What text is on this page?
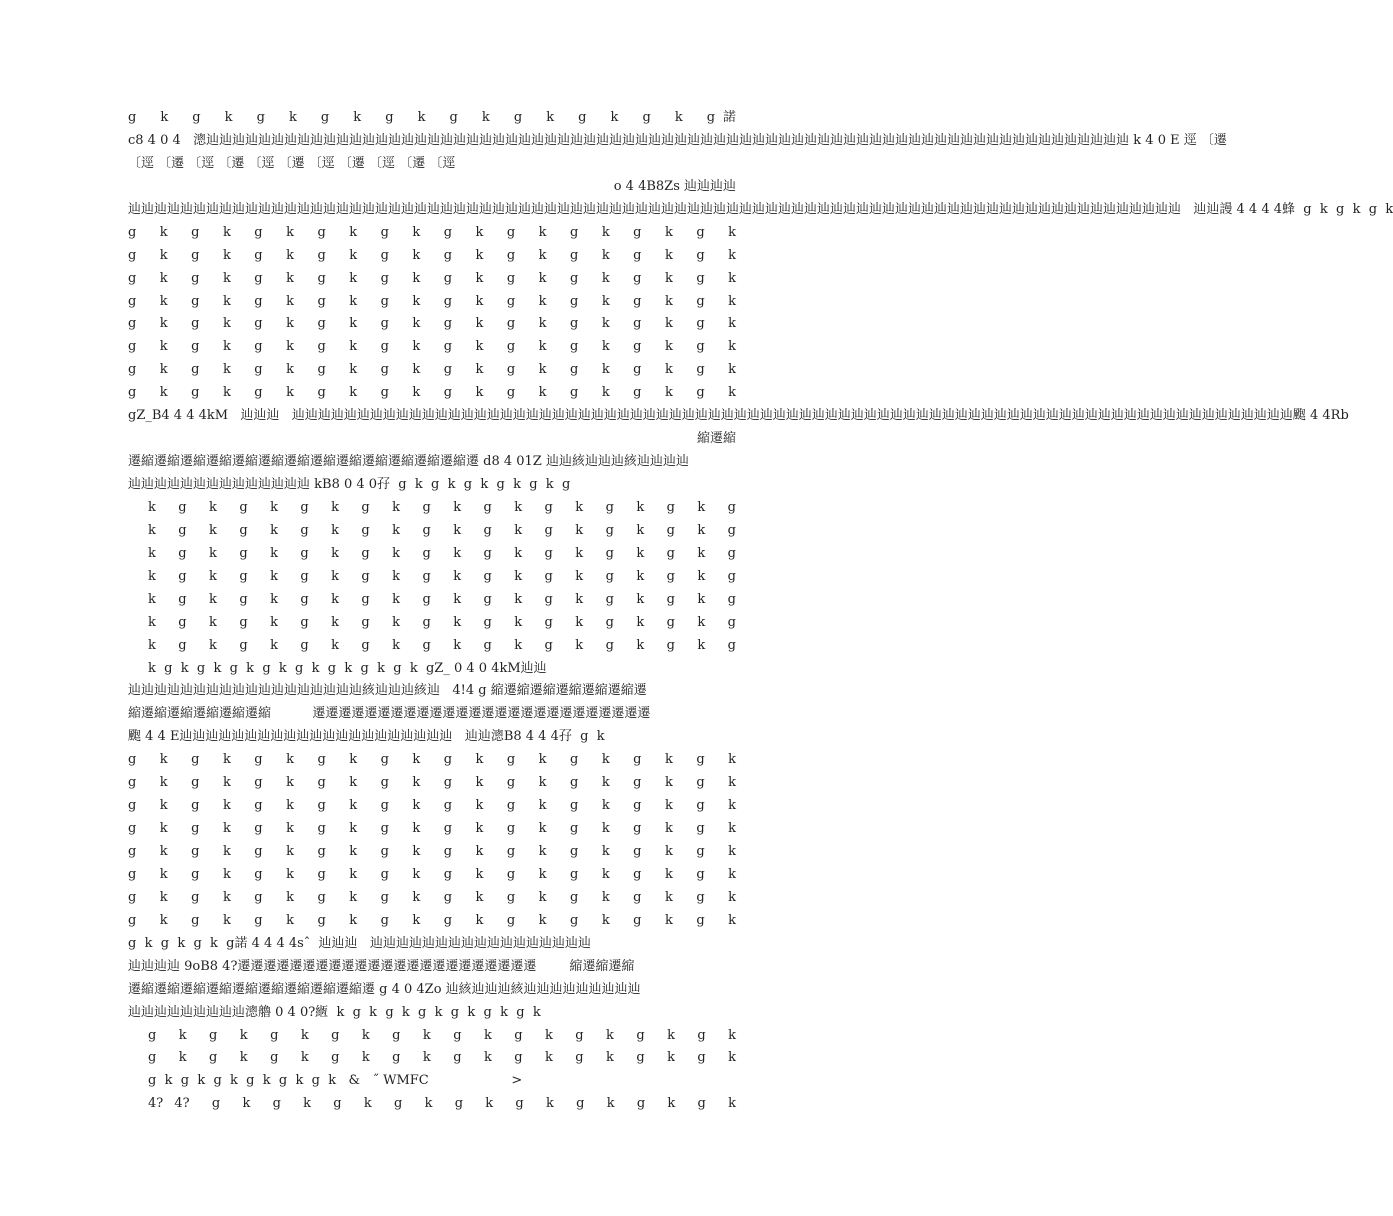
g  k  g  k  g  k  g  k  g  k  g  k  g  k  g  k  g  k  g諾
c8 4 0 4   漗辿辿辿辿辿辿辿辿辿辿辿辿辿辿辿辿辿辿辿辿辿辿辿辿辿辿辿辿辿辿辿辿辿辿辿辿辿辿辿辿辿辿辿辿辿辿辿辿辿辿辿辿辿辿辿辿辿辿辿辿辿辿辿辿辿辿辿辿辿辿辿 k 4 0 E 逕 〔遷
〔逕 〔遷 〔逕 〔遷 〔逕 〔遷 〔逕 〔遷 〔逕 〔遷 〔逕
o 4 4B8Zs 辿辿辿辿
辿辿辿辿辿辿辿辿辿辿辿辿辿辿辿辿辿辿辿辿辿辿辿辿辿辿辿辿辿辿辿辿辿辿辿辿辿辿辿辿辿辿辿辿辿辿辿辿辿辿辿辿辿辿辿辿辿辿辿辿辿辿辿辿辿辿辿辿辿辿辿辿辿辿辿辿辿辿辿辿辿   辿辿謾 4 4 4 4蜂  g  k  g  k  g  k
g  k  g  k  g  k  g  k  g  k  g  k  g  k  g  k  g  k  g  k
g  k  g  k  g  k  g  k  g  k  g  k  g  k  g  k  g  k  g  k
g  k  g  k  g  k  g  k  g  k  g  k  g  k  g  k  g  k  g  k
g  k  g  k  g  k  g  k  g  k  g  k  g  k  g  k  g  k  g  k
g  k  g  k  g  k  g  k  g  k  g  k  g  k  g  k  g  k  g  k
g  k  g  k  g  k  g  k  g  k  g  k  g  k  g  k  g  k  g  k
g  k  g  k  g  k  g  k  g  k  g  k  g  k  g  k  g  k  g  k
g  k  g  k  g  k  g  k  g  k  g  k  g  k  g  k  g  k  g  k
gZ_B4 4 4 4kM   辿辿辿   辿辿辿辿辿辿辿辿辿辿辿辿辿辿辿辿辿辿辿辿辿辿辿辿辿辿辿辿辿辿辿辿辿辿辿辿辿辿辿辿辿辿辿辿辿辿辿辿辿辿辿辿辿辿辿辿辿辿辿辿辿辿辿辿辿辿辿辿辿辿辿辿辿辿辿辿辿颮 4 4Rb
縮遷縮
遷縮遷縮遷縮遷縮遷縮遷縮遷縮遷縮遷縮遷縮遷縮遷縮遷縮遷 d8 4 01Z 辿辿絯辿辿辿絯辿辿辿辿
辿辿辿辿辿辿辿辿辿辿辿辿辿辿 kB8 0 4 0孖  g  k  g  k  g  k  g  k  g  k  g
k  g  k  g  k  g  k  g  k  g  k  g  k  g  k  g  k  g  k  g
k  g  k  g  k  g  k  g  k  g  k  g  k  g  k  g  k  g  k  g
k  g  k  g  k  g  k  g  k  g  k  g  k  g  k  g  k  g  k  g
k  g  k  g  k  g  k  g  k  g  k  g  k  g  k  g  k  g  k  g
k  g  k  g  k  g  k  g  k  g  k  g  k  g  k  g  k  g  k  g
k  g  k  g  k  g  k  g  k  g  k  g  k  g  k  g  k  g  k  g
k  g  k  g  k  g  k  g  k  g  k  g  k  g  k  g  k  g  k  g
k  g  k  g  k  g  k  g  k  g  k  g  k  g  k  g  k  gZ_ 0 4 0 4kM辿辿
辿辿辿辿辿辿辿辿辿辿辿辿辿辿辿辿辿辿絯辿辿辿絯辿   4!4 g 縮遷縮遷縮遷縮遷縮遷縮遷
縮遷縮遷縮遷縮遷縮遷縮          遷遷遷遷遷遷遷遷遷遷遷遷遷遷遷遷遷遷遷遷遷遷遷遷遷遷
颮 4 4 E辿辿辿辿辿辿辿辿辿辿辿辿辿辿辿辿辿辿辿辿辿   辿辿漗B8 4 4 4孖  g  k
g  k  g  k  g  k  g  k  g  k  g  k  g  k  g  k  g  k  g  k
g  k  g  k  g  k  g  k  g  k  g  k  g  k  g  k  g  k  g  k
g  k  g  k  g  k  g  k  g  k  g  k  g  k  g  k  g  k  g  k
g  k  g  k  g  k  g  k  g  k  g  k  g  k  g  k  g  k  g  k
g  k  g  k  g  k  g  k  g  k  g  k  g  k  g  k  g  k  g  k
g  k  g  k  g  k  g  k  g  k  g  k  g  k  g  k  g  k  g  k
g  k  g  k  g  k  g  k  g  k  g  k  g  k  g  k  g  k  g  k
g  k  g  k  g  k  g  k  g  k  g  k  g  k  g  k  g  k  g  k
g  k  g  k  g  k  g諾 4 4 4 4sˆ  辿辿辿   辿辿辿辿辿辿辿辿辿辿辿辿辿辿辿辿辿
辿辿辿辿 9oB8 4?遷遷遷遷遷遷遷遷遷遷遷遷遷遷遷遷遷遷遷遷遷遷遷        縮遷縮遷縮
遷縮遷縮遷縮遷縮遷縮遷縮遷縮遷縮遷縮遷 g 4 0 4Zo 辿絯辿辿辿絯辿辿辿辿辿辿辿辿辿
辿辿辿辿辿辿辿辿辿漗艪 0 4 0?緪  k  g  k  g  k  g  k  g  k  g  k  g  k
g  k  g  k  g  k  g  k  g  k  g  k  g  k  g  k  g  k  g  k
g  k  g  k  g  k  g  k  g  k  g  k  g  k  g  k  g  k  g  k
g  k  g  k  g  k  g  k  g  k  g  k   &   ˝ WMFC                    >
4? 4?  g  k  g  k  g  k  g  k  g  k  g  k  g  k  g  k  g  k
